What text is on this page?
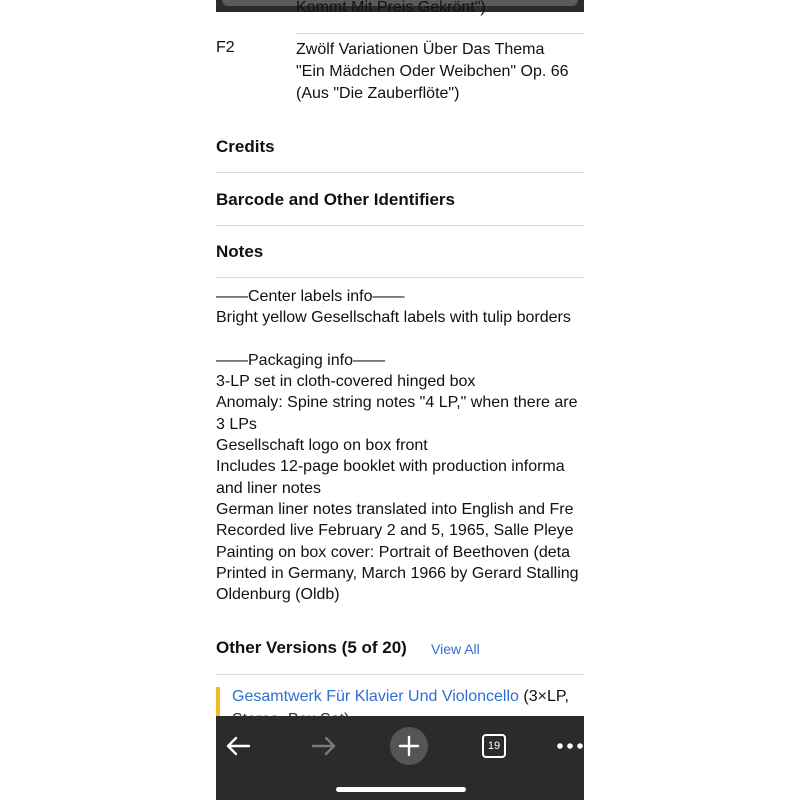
Kommt Mit Preis Gekrönt")
F2	Zwölf Variationen Über Das Thema
"Ein Mädchen Oder Weibchen" Op. 66
(Aus "Die Zauberflöte")
Credits
Barcode and Other Identifiers
Notes
——Center labels info——
Bright yellow Gesellschaft labels with tulip borders
——Packaging info——
3-LP set in cloth-covered hinged box
Anomaly: Spine string notes "4 LP," when there are
3 LPs
Gesellschaft logo on box front
Includes 12-page booklet with production informa
and liner notes
German liner notes translated into English and Fre
Recorded live February 2 and 5, 1965, Salle Pleye
Painting on box cover: Portrait of Beethoven (deta
Printed in Germany, March 1966 by Gerard Stalling
Oldenburg (Oldb)
Other Versions (5 of 20) View All
Gesamtwerk Für Klavier Und Violoncello (3×LP,
19
